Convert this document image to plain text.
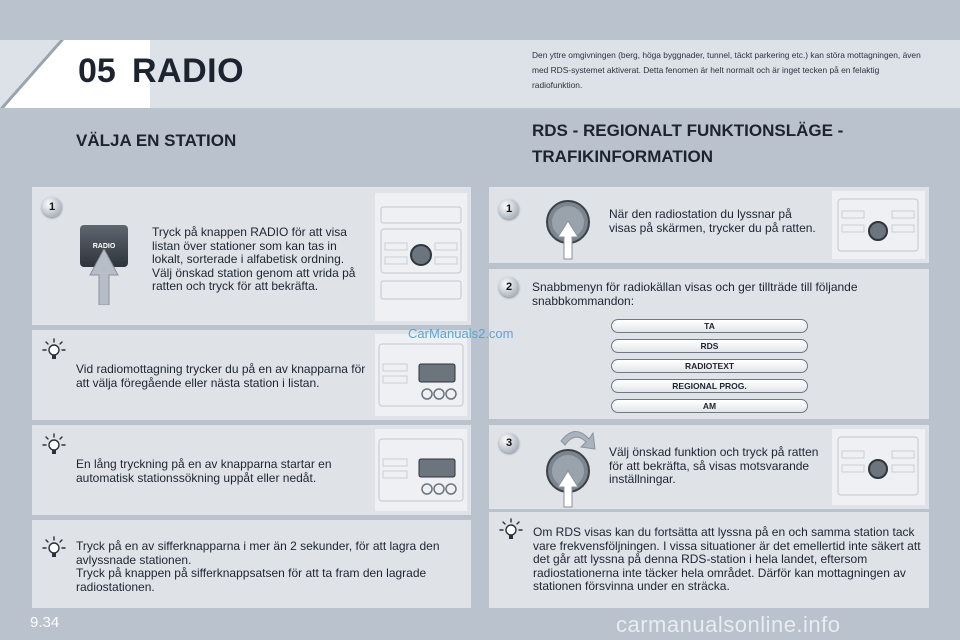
05 RADIO	Den yttre omgivningen (berg, höga byggnader, tunnel, täckt parkering etc.) kan störa mottagningen, även med RDS-systemet aktiverat. Detta fenomen är helt normalt och är inget tecken på en felaktig radiofunktion.
VÄLJA EN STATION
RDS - REGIONALT FUNKTIONSLÄGE - TRAFIKINFORMATION
1
RADIO
Tryck på knappen RADIO för att visa listan över stationer som kan tas in lokalt, sorterade i alfabetisk ordning. Välj önskad station genom att vrida på ratten och tryck för att bekräfta.
Vid radiomottagning trycker du på en av knapparna för att välja föregående eller nästa station i listan.
En lång tryckning på en av knapparna startar en automatisk stationssökning uppåt eller nedåt.
Tryck på en av sifferknapparna i mer än 2 sekunder, för att lagra den avlyssnade stationen.
Tryck på knappen på sifferknappsatsen för att ta fram den lagrade radiostationen.
1	När den radiostation du lyssnar på visas på skärmen, trycker du på ratten.
2	Snabbmenyn för radiokällan visas och ger tillträde till följande snabbkommandon:
TA
RDS
RADIOTEXT
REGIONAL PROG.
AM
3
Välj önskad funktion och tryck på ratten för att bekräfta, så visas motsvarande inställningar.
Om RDS visas kan du fortsätta att lyssna på en och samma station tack vare frekvensföljningen. I vissa situationer är det emellertid inte säkert att det går att lyssna på denna RDS-station i hela landet, eftersom radiostationerna inte täcker hela området. Därför kan mottagningen av stationen försvinna under en sträcka.
CarManuals2.com
9.34	carmanualsonline.info
